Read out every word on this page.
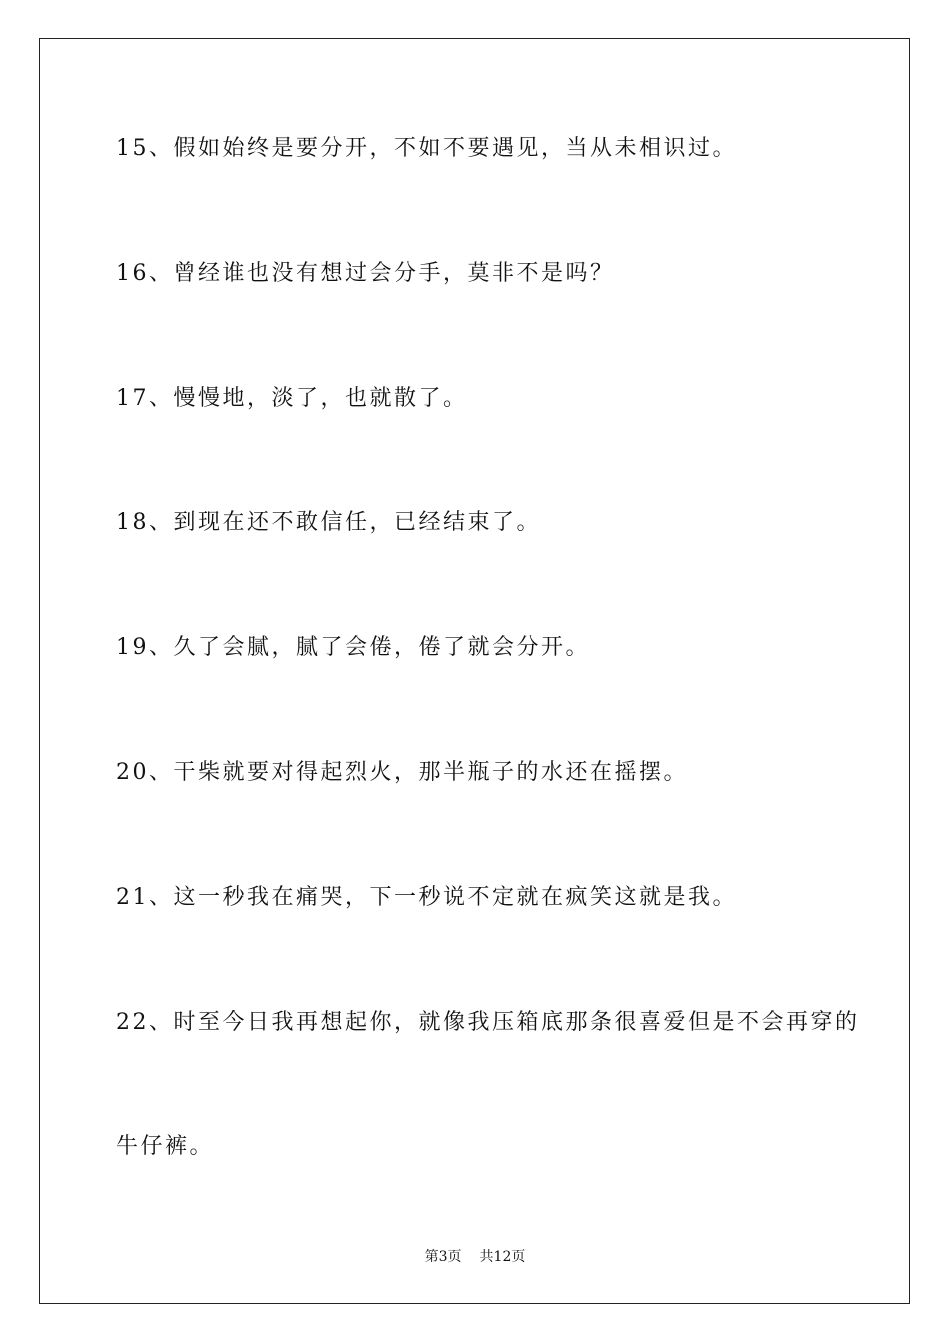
15、假如始终是要分开，不如不要遇见，当从未相识过。
16、曾经谁也没有想过会分手，莫非不是吗？
17、慢慢地，淡了，也就散了。
18、到现在还不敢信任，已经结束了。
19、久了会腻，腻了会倦，倦了就会分开。
20、干柴就要对得起烈火，那半瓶子的水还在摇摆。
21、这一秒我在痛哭，下一秒说不定就在疯笑这就是我。
22、时至今日我再想起你，就像我压箱底那条很喜爱但是不会再穿的
牛仔裤。
第3页 共12页
